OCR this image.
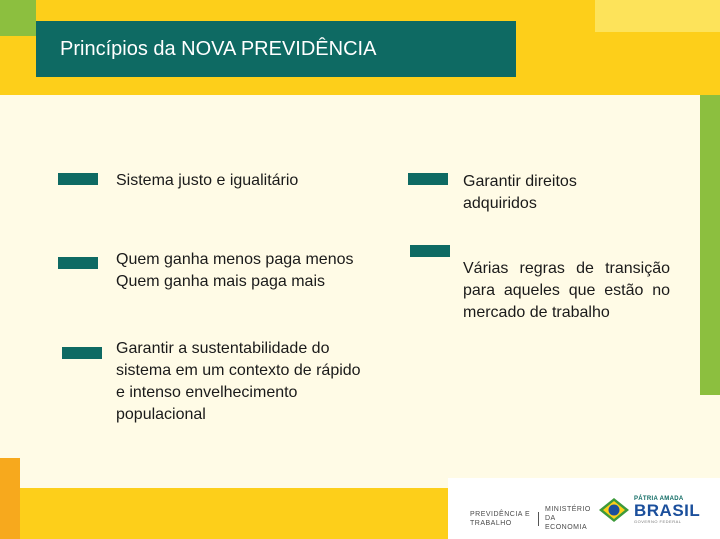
Princípios da NOVA PREVIDÊNCIA
Sistema justo e igualitário
Quem ganha menos paga menos
Quem ganha mais paga mais
Garantir a sustentabilidade do
sistema em um contexto de rápido
e intenso envelhecimento
populacional
Garantir direitos
adquiridos
Várias regras de transição para aqueles que estão no mercado de trabalho
PREVIDÊNCIA E TRABALHO
MINISTÉRIO DA ECONOMIA
PÁTRIA AMADA
BRASIL
GOVERNO FEDERAL
